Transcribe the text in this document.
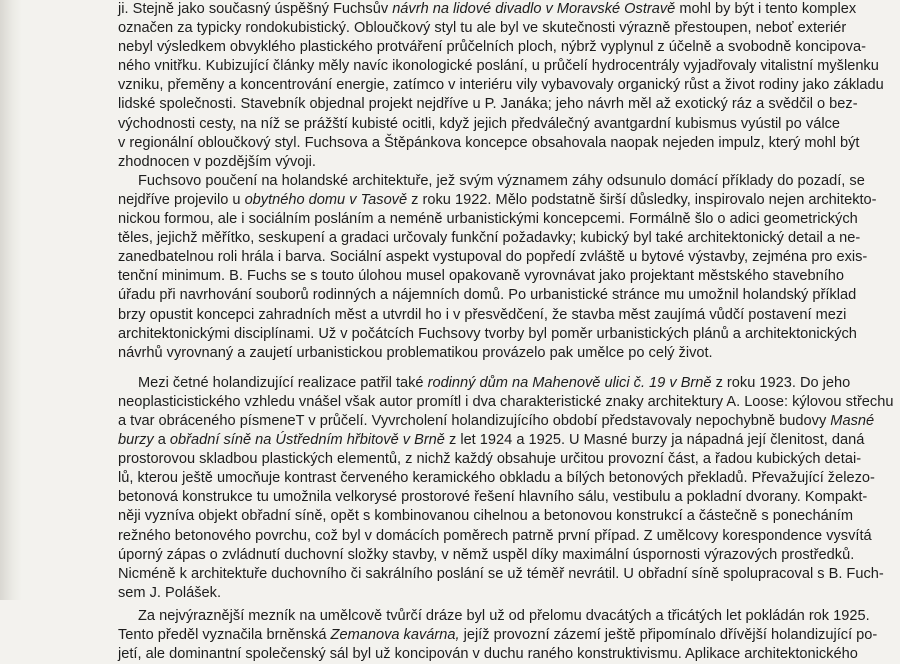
ji. Stejně jako současný úspěšný Fuchsův návrh na lidové divadlo v Moravské Ostravě mohl by být i tento komplex
označen za typicky rondokubistický. Obloučkový styl tu ale byl ve skutečnosti výrazně přestoupen, neboť exteriér
nebyl výsledkem obvyklého plastického protváření průčelních ploch, nýbrž vyplynul z účelně a svobodně koncipova-
ného vnitřku. Kubizující články měly navíc ikonologické poslání, u průčelí hydrocentrály vyjadřovaly vitalistní myšlenku
vzniku, přeměny a koncentrování energie, zatímco v interiéru vily vybavovaly organický růst a život rodiny jako základu
lidské společnosti. Stavebník objednal projekt nejdříve u P. Janáka; jeho návrh měl až exotický ráz a svědčil o bez-
východnosti cesty, na níž se prážští kubisté ocitli, když jejich předválečný avantgardní kubismus vyústil po válce
v regionální obloučkový styl. Fuchsova a Štěpánkova koncepce obsahovala naopak nejeden impulz, který mohl být
zhodnocen v pozdějším vývoji.
Fuchsovo poučení na holandské architektuře, jež svým významem záhy odsunulo domácí příklady do pozadí, se
nejdříve projevilo u obytného domu v Tasově z roku 1922. Mělo podstatně širší důsledky, inspirovalo nejen architekto-
nickou formou, ale i sociálním posláním a neméně urbanistickými koncepcemi. Formálně šlo o adici geometrických
těles, jejichž měřítko, seskupení a gradaci určovaly funkční požadavky; kubický byl také architektonický detail a ne-
zanedbatelnou roli hrála i barva. Sociální aspekt vystupoval do popředí zvláště u bytové výstavby, zejména pro exis-
tenční minimum. B. Fuchs se s touto úlohou musel opakovaně vyrovnávat jako projektant městského stavebního
úřadu při navrhování souborů rodinných a nájemních domů. Po urbanistické stránce mu umožnil holandský příklad
brzy opustit koncepci zahradních měst a utvrdil ho i v přesvědčení, že stavba měst zaujímá vůdčí postavení mezi
architektonickými disciplínami. Už v počátcích Fuchsovy tvorby byl poměr urbanistických plánů a architektonických
návrhů vyrovnaný a zaujetí urbanistickou problematikou provázelo pak umělce po celý život.
Mezi četné holandizující realizace patřil také rodinný dům na Mahenově ulici č. 19 v Brně z roku 1923. Do jeho
neoplasticistického vzhledu vnášel však autor promítl i dva charakteristické znaky architektury A. Loose: kýlovou střechu
a tvar obráceného písmeneT v průčelí. Vyvrcholení holandizujícího období představovaly nepochybně budovy Masné
burzy a obřadní síně na Ústředním hřbitově v Brně z let 1924 a 1925. U Masné burzy ja nápadná její členitost, daná
prostorovou skladbou plastických elementů, z nichž každý obsahuje určitou provozní část, a řadou kubických detai-
lů, kterou ještě umocňuje kontrast červeného keramického obkladu a bílých betonových překladů. Převažující železo-
betonová konstrukce tu umožnila velkorysé prostorové řešení hlavního sálu, vestibulu a pokladní dvorany. Kompakt-
něji vyzníva objekt obřadní síně, opět s kombinovanou cihelnou a betonovou konstrukcí a částečně s ponecháním
režného betonového povrchu, což byl v domácích poměrech patrně první případ. Z umělcovy korespondence vysvítá
úporný zápas o zvládnutí duchovní složky stavby, v němž uspěl díky maximální úspornosti výrazových prostředků.
Nicméně k architektuře duchovního či sakrálního poslání se už téměř nevrátil. U obřadní síně spolupracoval s B. Fuch-
sem J. Polášek.
Za nejvýraznější mezník na umělcově tvůrčí dráze byl už od přelomu dvacátých a třicátých let pokládán rok 1925.
Tento předěl vyznačila brněnská Zemanova kavárna, jejíž provozní zázemí ještě připomínalo dřívější holandizující po-
jetí, ale dominantní společenský sál byl už koncipován v duchu raného konstruktivismu. Aplikace architektonického
